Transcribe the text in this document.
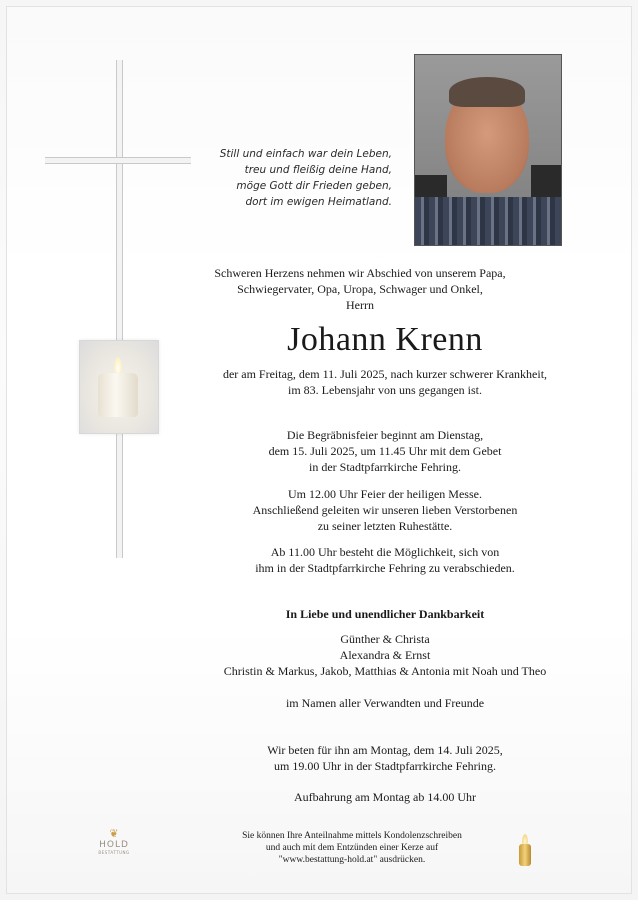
Still und einfach war dein Leben,
treu und fleißig deine Hand,
möge Gott dir Frieden geben,
dort im ewigen Heimatland.
Schweren Herzens nehmen wir Abschied von unserem Papa,
Schwiegervater, Opa, Uropa, Schwager und Onkel,
Herrn
Johann Krenn
der am Freitag, dem 11. Juli 2025, nach kurzer schwerer Krankheit,
im 83. Lebensjahr von uns gegangen ist.
Die Begräbnisfeier beginnt am Dienstag,
dem 15. Juli 2025, um 11.45 Uhr mit dem Gebet
in der Stadtpfarrkirche Fehring.
Um 12.00 Uhr Feier der heiligen Messe.
Anschließend geleiten wir unseren lieben Verstorbenen
zu seiner letzten Ruhestätte.
Ab 11.00 Uhr besteht die Möglichkeit, sich von
ihm in der Stadtpfarrkirche Fehring zu verabschieden.
In Liebe und unendlicher Dankbarkeit
Günther & Christa
Alexandra & Ernst
Christin & Markus, Jakob, Matthias & Antonia mit Noah und Theo
im Namen aller Verwandten und Freunde
Wir beten für ihn am Montag, dem 14. Juli 2025,
um 19.00 Uhr in der Stadtpfarrkirche Fehring.
Aufbahrung am Montag ab 14.00 Uhr
❦
HOLD
BESTATTUNG
Sie können Ihre Anteilnahme mittels Kondolenzschreiben
und auch mit dem Entzünden einer Kerze auf
"www.bestattung-hold.at" ausdrücken.
